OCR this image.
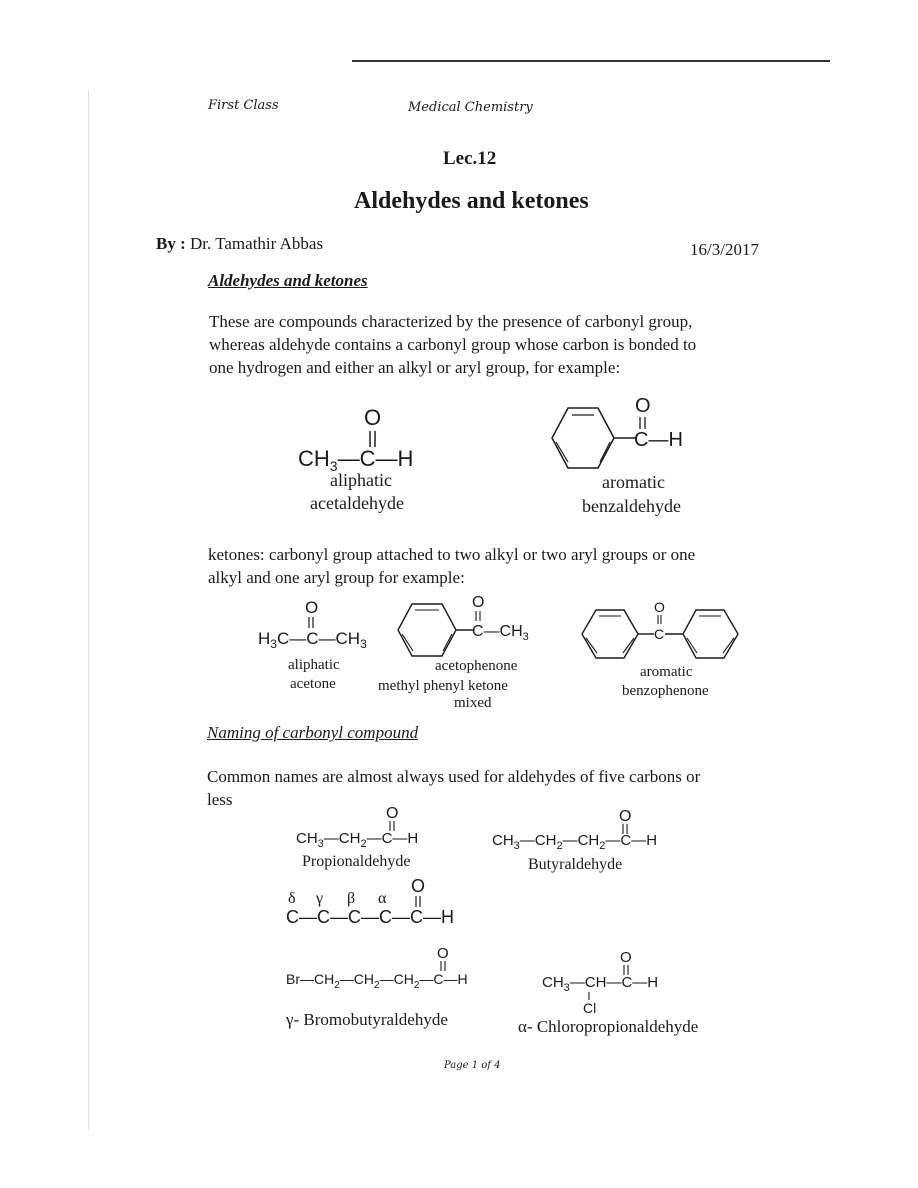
First Class	Medical Chemistry
Lec.12
Aldehydes and ketones
By : Dr. Tamathir Abbas	16/3/2017
Aldehydes and ketones
These are compounds characterized by the presence of carbonyl group,
whereas aldehyde contains a carbonyl group whose carbon is bonded to
one hydrogen and either an alkyl or aryl group, for example:
O
$CH_3—C—H$
aliphatic
acetaldehyde
O
C—H
aromatic
benzaldehyde
ketones: carbonyl group attached to two alkyl or two aryl groups or one
alkyl and one aryl group for example:
O
$H_3C—C—CH_3$
aliphatic
acetone
O
$C—CH_3$
acetophenone
methyl phenyl ketone
mixed
O
C
aromatic
benzophenone
Naming of carbonyl compound
Common names are almost always used for aldehydes of five carbons or
less
O
$CH_3—CH_2—C—H$
Propionaldehyde
O
$CH_3—CH_2—CH_2—C—H$
Butyraldehyde
δ γ β α
O
C—C—C—C—C—H
O
$Br—CH_2—CH_2—CH_2—C—H$
γ- Bromobutyraldehyde
O
$CH_3—CH—C—H$
Cl
α- Chloropropionaldehyde
Page 1 of 4
